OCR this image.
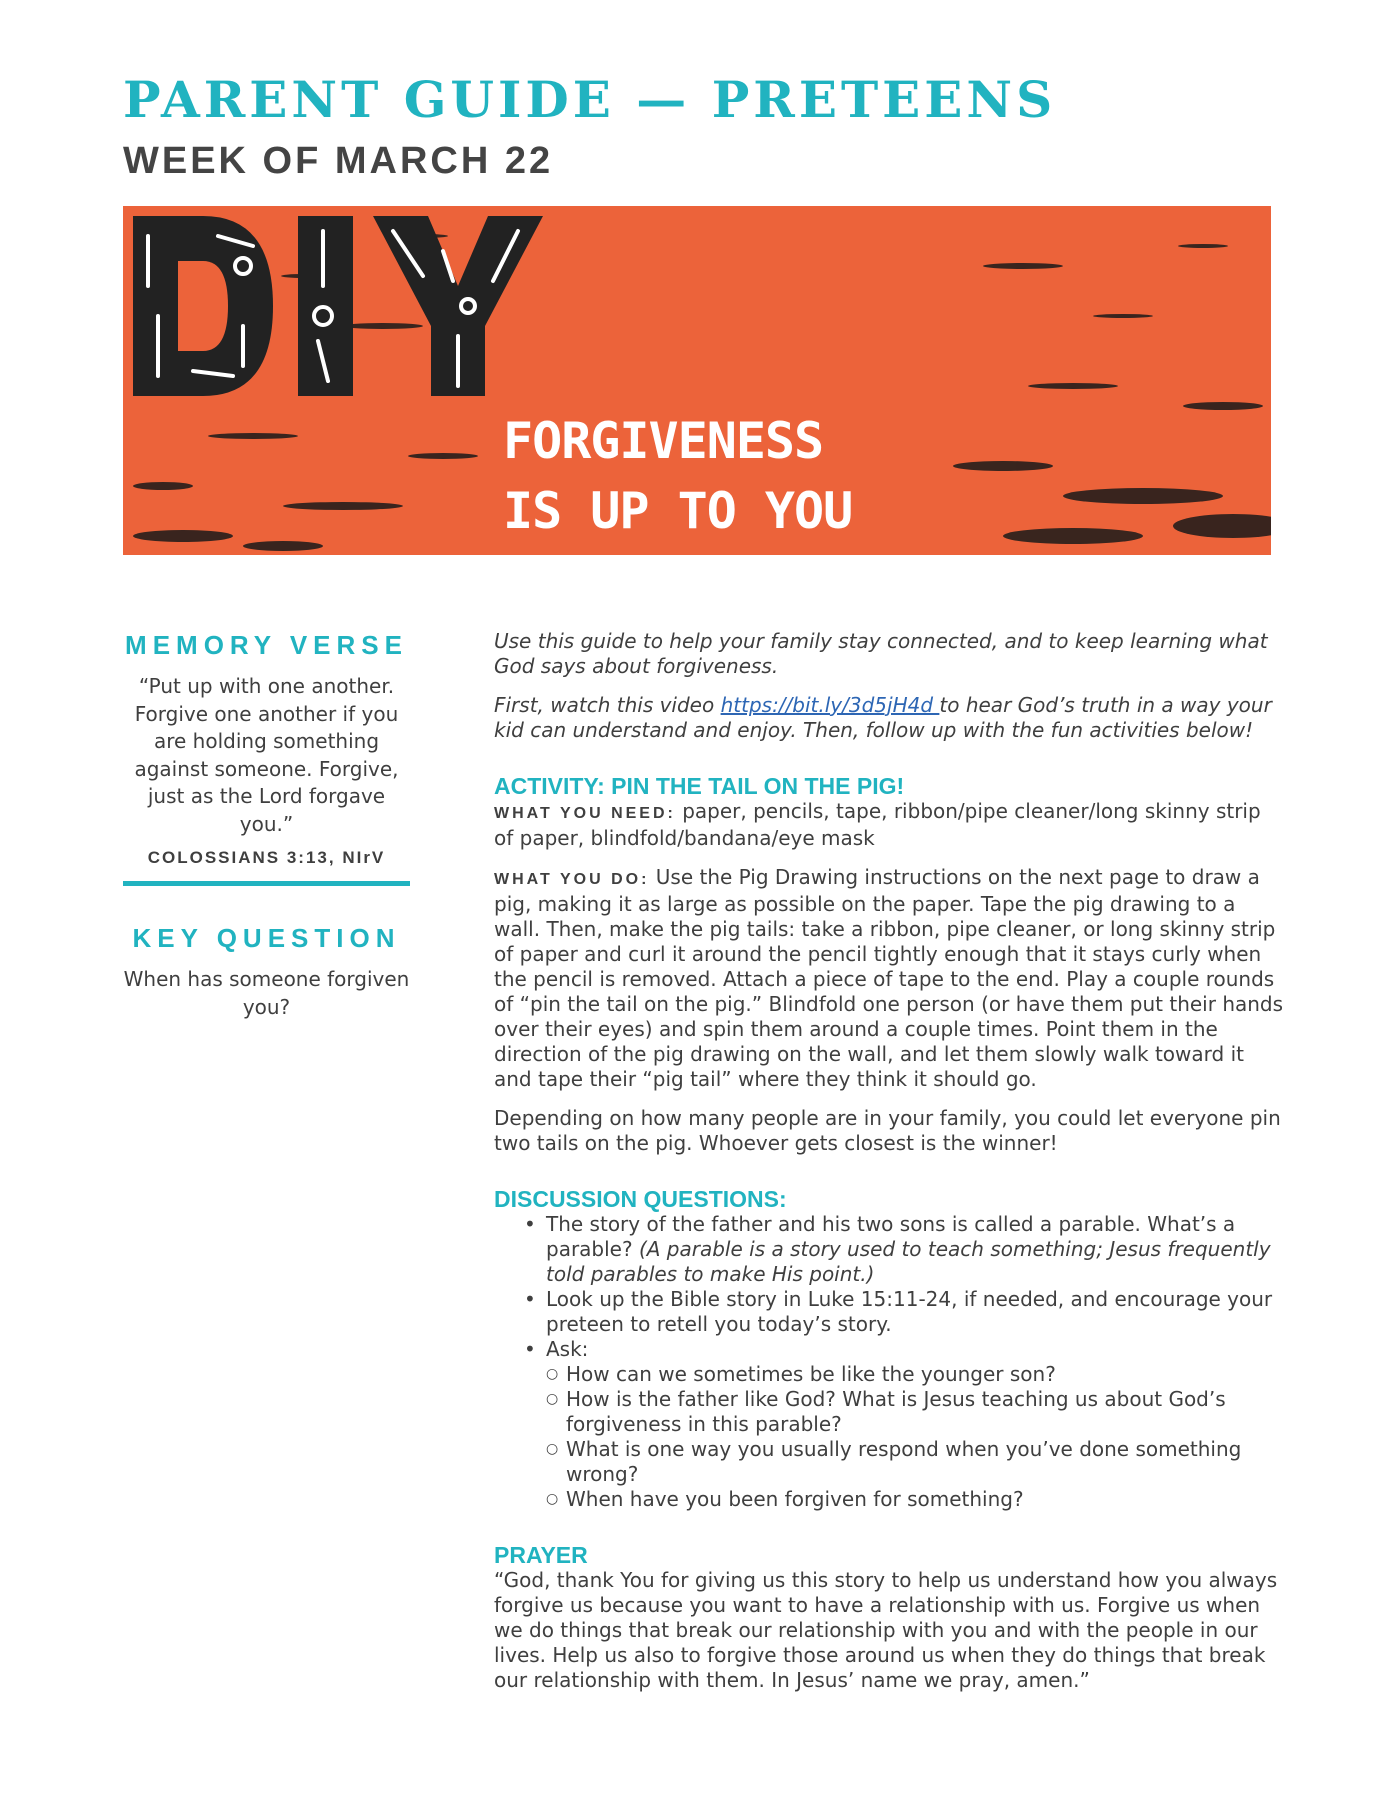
PARENT GUIDE — PRETEENS
WEEK OF MARCH 22
FORGIVENESS
IS UP TO YOU

MEMORY VERSE

“Put up with one another. Forgive one another if you are holding something against someone. Forgive, just as the Lord forgave you.”

COLOSSIANS 3:13, NIrV

KEY QUESTION

When has someone forgiven you?

Use this guide to help your family stay connected, and to keep learning what God says about forgiveness.

First, watch this video https://bit.ly/3d5jH4d to hear God’s truth in a way your kid can understand and enjoy. Then, follow up with the fun activities below!

ACTIVITY: PIN THE TAIL ON THE PIG!

WHAT YOU NEED: paper, pencils, tape, ribbon/pipe cleaner/long skinny strip of paper, blindfold/bandana/eye mask

WHAT YOU DO: Use the Pig Drawing instructions on the next page to draw a pig, making it as large as possible on the paper. Tape the pig drawing to a wall. Then, make the pig tails: take a ribbon, pipe cleaner, or long skinny strip of paper and curl it around the pencil tightly enough that it stays curly when the pencil is removed. Attach a piece of tape to the end. Play a couple rounds of “pin the tail on the pig.” Blindfold one person (or have them put their hands over their eyes) and spin them around a couple times. Point them in the direction of the pig drawing on the wall, and let them slowly walk toward it and tape their “pig tail” where they think it should go.

Depending on how many people are in your family, you could let everyone pin two tails on the pig. Whoever gets closest is the winner!

DISCUSSION QUESTIONS:

• The story of the father and his two sons is called a parable. What’s a parable? (A parable is a story used to teach something; Jesus frequently told parables to make His point.)
• Look up the Bible story in Luke 15:11-24, if needed, and encourage your preteen to retell you today’s story.
• Ask:
○ How can we sometimes be like the younger son?
○ How is the father like God? What is Jesus teaching us about God’s forgiveness in this parable?
○ What is one way you usually respond when you’ve done something wrong?
○ When have you been forgiven for something?

PRAYER

“God, thank You for giving us this story to help us understand how you always forgive us because you want to have a relationship with us. Forgive us when we do things that break our relationship with you and with the people in our lives. Help us also to forgive those around us when they do things that break our relationship with them. In Jesus’ name we pray, amen.”
